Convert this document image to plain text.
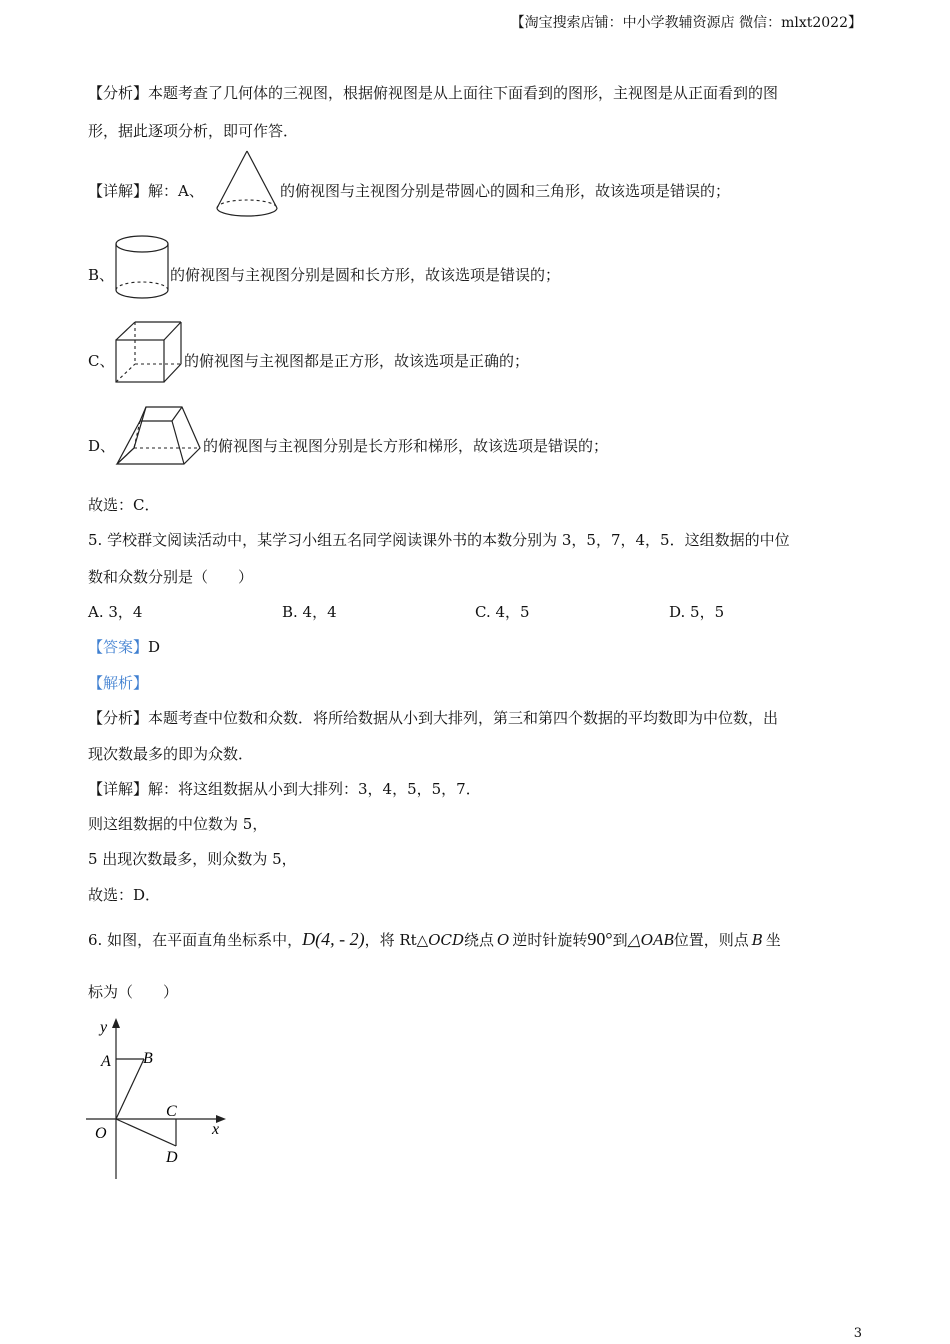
【淘宝搜索店铺：中小学教辅资源店 微信：mlxt2022】
【分析】本题考查了几何体的三视图，根据俯视图是从上面往下面看到的图形，主视图是从正面看到的图
形，据此逐项分析，即可作答．
【详解】解：A、	的俯视图与主视图分别是带圆心的圆和三角形，故该选项是错误的；
B、	的俯视图与主视图分别是圆和长方形，故该选项是错误的；
C、	的俯视图与主视图都是正方形，故该选项是正确的；
D、	的俯视图与主视图分别是长方形和梯形，故该选项是错误的；
故选：C．
5. 学校群文阅读活动中，某学习小组五名同学阅读课外书的本数分别为 3，5，7，4，5．这组数据的中位
数和众数分别是（　　）
A. 3，4	B. 4，4	C. 4，5	D. 5，5
【答案】D
【解析】
【分析】本题考查中位数和众数．将所给数据从小到大排列，第三和第四个数据的平均数即为中位数，出
现次数最多的即为众数．
【详解】解：将这组数据从小到大排列：3，4，5，5，7．
则这组数据的中位数为 5，
5 出现次数最多，则众数为 5，
故选：D．
6. 如图，在平面直角坐标系中，D(4, - 2)，将 Rt△OCD绕点 O 逆时针旋转90°到△OAB位置，则点 B 坐
标为（　　）
y
x
O
A B
C
D
3
